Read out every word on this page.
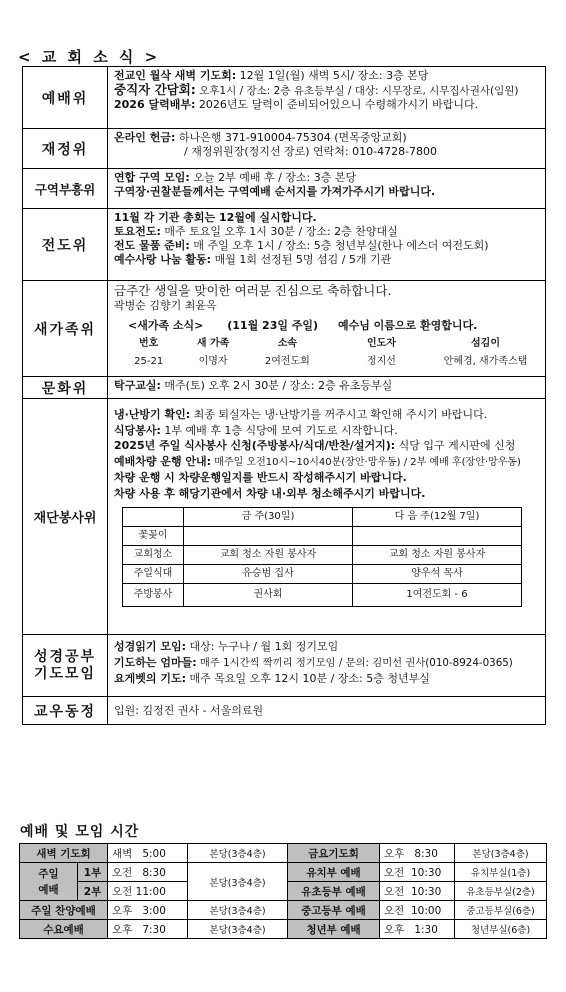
< 교 회 소 식 >
예배위	
전교인 월삭 새벽 기도회: 12월 1일(월) 새벽 5시/ 장소: 3층 본당
중직자 간담회: 오후1시 / 장소: 2층 유초등부실 / 대상: 시무장로, 시무집사권사(임원)
2026 달력배부: 2026년도 달력이 준비되어있으니 수령해가시기 바랍니다.

재정위	
온라인 헌금: 하나은행 371-910004-75304 (면목중앙교회)
/ 재정위원장(정지선 장로) 연락처: 010-4728-7800

구역부흥위	
연합 구역 모임: 오늘 2부 예배 후 / 장소: 3층 본당
구역장·권찰분들께서는 구역예배 순서지를 가져가주시기 바랍니다.

전도위	
11월 각 기관 총회는 12월에 실시합니다.
토요전도: 매주 토요일 오후 1시 30분 / 장소: 2층 찬양대실
전도 물품 준비: 매 주일 오후 1시 / 장소: 5층 청년부실(한나 에스더 여전도회)
예수사랑 나눔 활동: 매월 1회 선정된 5명 섬김 / 5개 기관

새가족위	
금주간 생일을 맞이한 여러분 진심으로 축하합니다.
곽병순 김향기 최윤옥
<새가족 소식> (11월 23일 주일) 예수님 이름으로 환영합니다.
번호	새 가족	소속	인도자	섬김이
25-21	이명자	2여전도회	정지선	안혜경, 새가족스탭

문화위	탁구교실: 매주(토) 오후 2시 30분 / 장소: 2층 유초등부실

재단봉사위	
냉·난방기 확인: 최종 퇴실자는 냉·난방기를 꺼주시고 확인해 주시기 바랍니다.
식당봉사: 1부 예배 후 1층 식당에 모여 기도로 시작합니다.
2025년 주일 식사봉사 신청(주방봉사/식대/반찬/설거지): 식당 입구 게시판에 신청
예배차량 운행 안내: 매주일 오전10시~10시40분(장안·망우동) / 2부 예배 후(장안·망우동)
차량 운행 시 차량운행일지를 반드시 작성해주시기 바랍니다.
차량 사용 후 해당기관에서 차량 내·외부 청소해주시기 바랍니다.
	금 주(30일)	다 음 주(12월 7일)
꽃꽂이		
교회청소	교회 청소 자원 봉사자	교회 청소 자원 봉사자
주일식대	유승범 집사	양우석 목사
주방봉사	권사회	1여전도회 - 6

성경공부
기도모임	
성경읽기 모임: 대상: 누구나 / 월 1회 정기모임
기도하는 엄마들: 매주 1시간씩 짝끼리 정기모임 / 문의: 김미선 권사(010-8924-0365)
요게벳의 기도: 매주 목요일 오후 12시 10분 / 장소: 5층 청년부실

교우동정	입원: 김정진 권사 - 서울의료원
예배 및 모임 시간
새벽 기도회		새벽 5:00	본당(3층4층)	금요기도회	오후 8:30	본당(3층4층)
주일
예배	1부	오전 8:30	본당(3층4층)	유치부 예배	오전 10:30	유치부실(1층)
	2부	오전 11:00		유초등부 예배	오전 10:30	유초등부실(2층)
주일 찬양예배		오후 3:00	본당(3층4층)	중고등부 예배	오전 10:00	중고등부실(6층)
수요예배		오후 7:30	본당(3층4층)	청년부 예배	오후 1:30	청년부실(6층)
